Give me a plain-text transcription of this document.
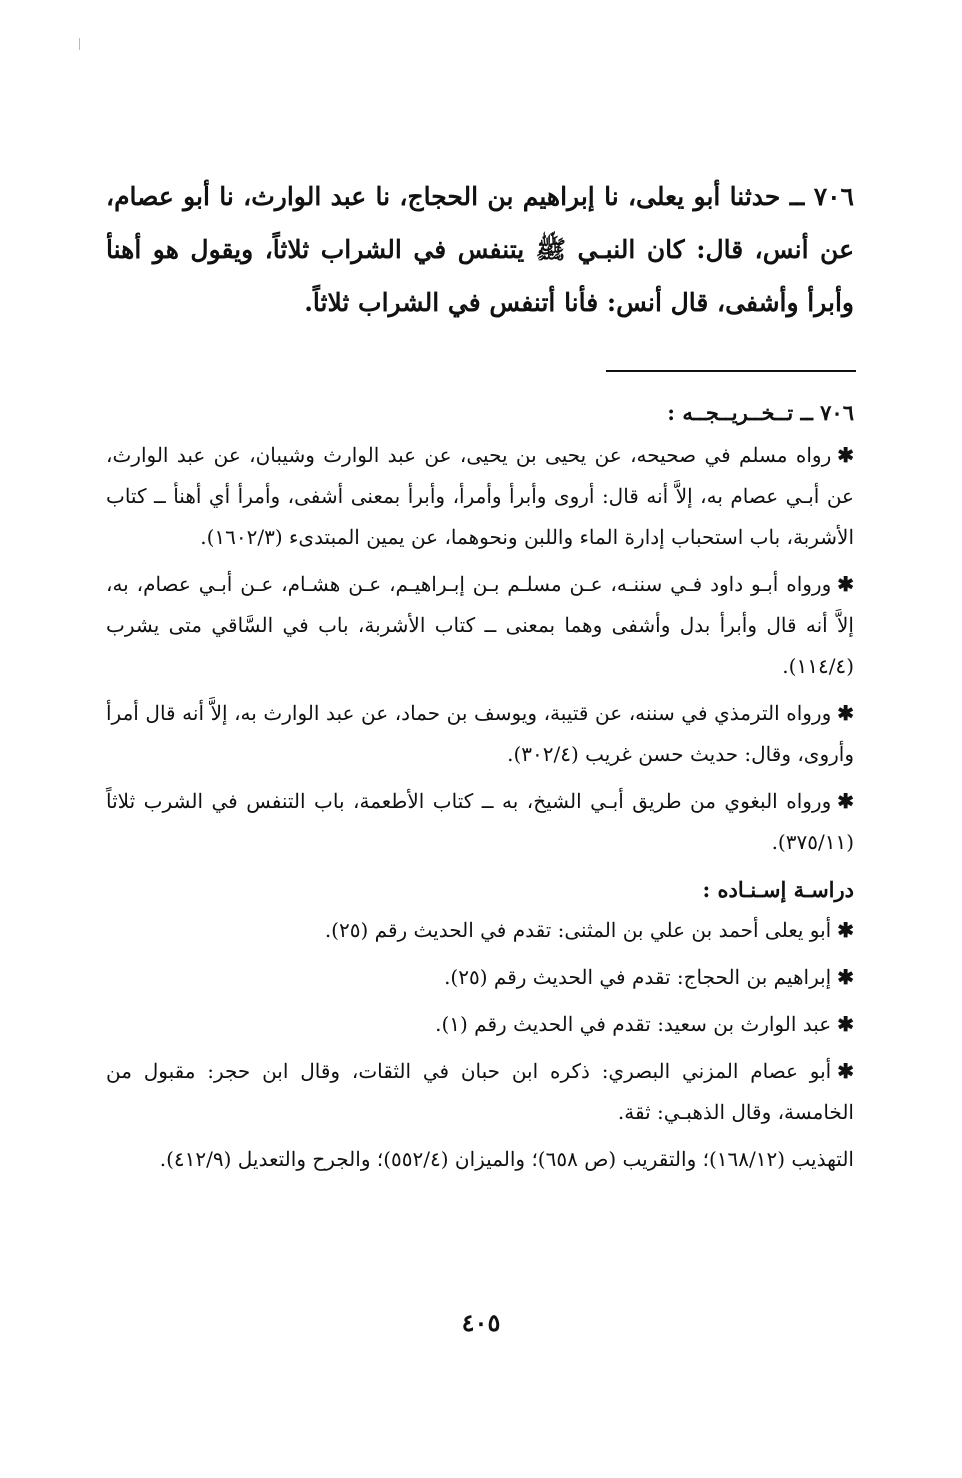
٧٠٦ ــ حدثنا أبو يعلى، نا إبراهيم بن الحجاج، نا عبد الوارث، نا أبو عصام، عن أنس، قال: كان النبـي ﷺ يتنفس في الشراب ثلاثاً، ويقول هو أهنأ وأبرأ وأشفى، قال أنس: فأنا أتنفس في الشراب ثلاثاً.

٧٠٦ ــ تــخــريــجــه :

✱رواه مسلم في صحيحه، عن يحيى بن يحيى، عن عبد الوارث وشيبان، عن عبد الوارث، عن أبـي عصام به، إلاَّ أنه قال: أروى وأبرأ وأمرأ، وأبرأ بمعنى أشفى، وأمرأ أي أهنأ ــ كتاب الأشربة، باب استحباب إدارة الماء واللبن ونحوهما، عن يمين المبتدىء (١٦٠٢/٣).

✱ورواه أبـو داود فـي سننـه، عـن مسلـم بـن إبـراهيـم، عـن هشـام، عـن أبـي عصام، به، إلاَّ أنه قال وأبرأ بدل وأشفى وهما بمعنى ــ كتاب الأشربة، باب في السَّاقي متى يشرب (١١٤/٤).

✱ورواه الترمذي في سننه، عن قتيبة، ويوسف بن حماد، عن عبد الوارث به، إلاَّ أنه قال أمرأ وأروى، وقال: حديث حسن غريب (٣٠٢/٤).

✱ورواه البغوي من طريق أبـي الشيخ، به ــ كتاب الأطعمة، باب التنفس في الشرب ثلاثاً (٣٧٥/١١).

دراسـة إسـنـاده :

✱أبو يعلى أحمد بن علي بن المثنى: تقدم في الحديث رقم (٢٥).

✱إبراهيم بن الحجاج: تقدم في الحديث رقم (٢٥).

✱عبد الوارث بن سعيد: تقدم في الحديث رقم (١).

✱أبو عصام المزني البصري: ذكره ابن حبان في الثقات، وقال ابن حجر: مقبول من الخامسة، وقال الذهبـي: ثقة.

التهذيب (١٦٨/١٢)؛ والتقريب (ص ٦٥٨)؛ والميزان (٥٥٢/٤)؛ والجرح والتعديل (٤١٢/٩).

٤٠٥
